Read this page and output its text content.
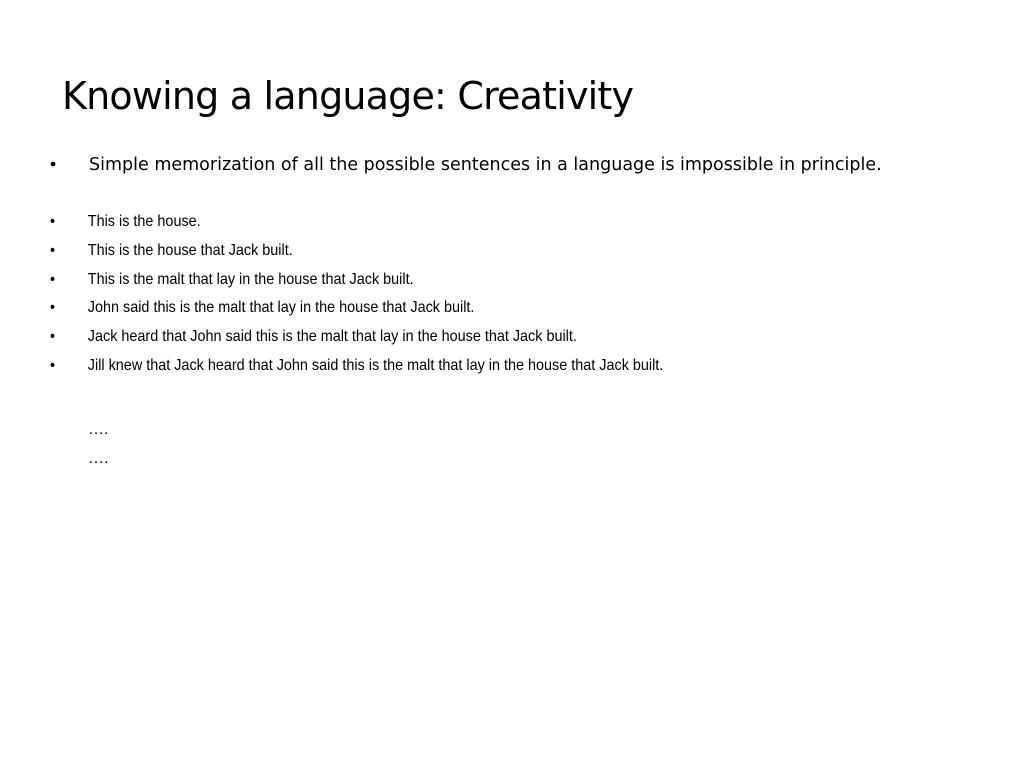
Knowing a language: Creativity
• Simple memorization of all the possible sentences in a language is impossible in principle.
•	This is the house.
•	This is the house that Jack built.
•	This is the malt that lay in the house that Jack built.
•	John said this is the malt that lay in the house that Jack built.
•	Jack heard that John said this is the malt that lay in the house that Jack built.
•	Jill knew that Jack heard that John said this is the malt that lay in the house that Jack built.
….
….
